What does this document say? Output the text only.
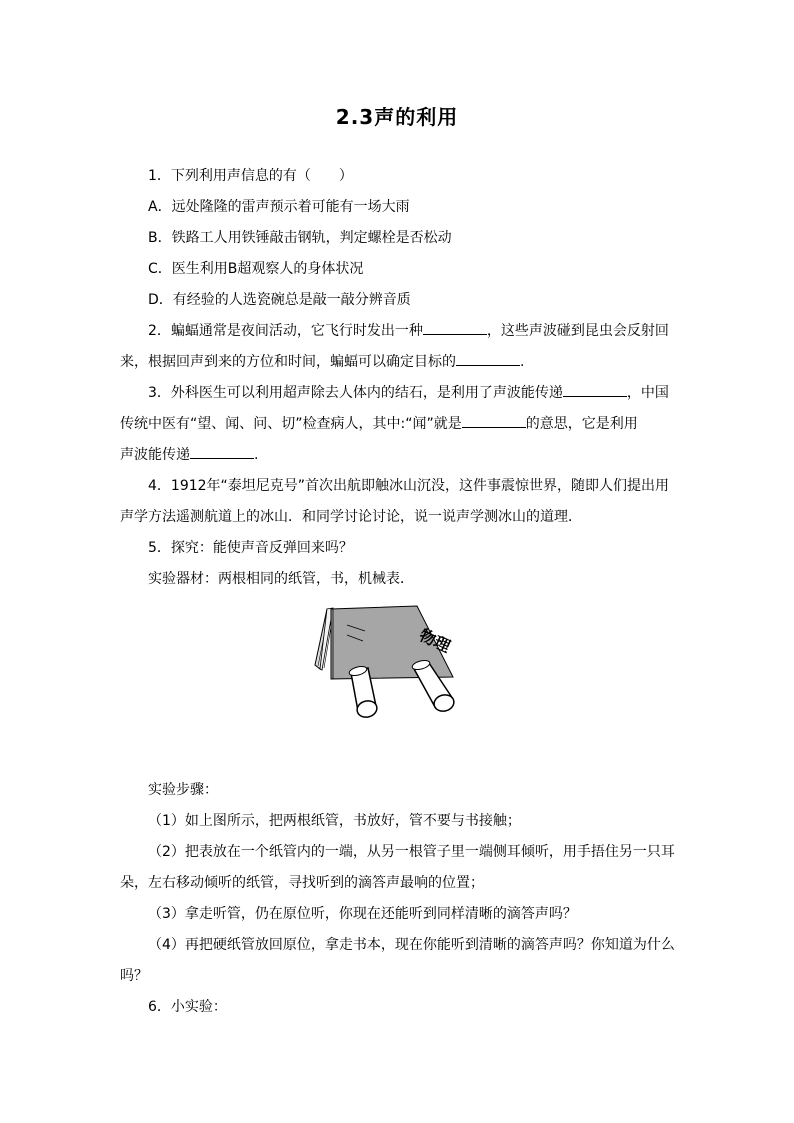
2.3声的利用
1．下列利用声信息的有（　　）
A．远处隆隆的雷声预示着可能有一场大雨
B．铁路工人用铁锤敲击钢轨，判定螺栓是否松动
C．医生利用B超观察人的身体状况
D．有经验的人选瓷碗总是敲一敲分辨音质
2．蝙蝠通常是夜间活动，它飞行时发出一种	，这些声波碰到昆虫会反射回
来，根据回声到来的方位和时间，蝙蝠可以确定目标的	.
3．外科医生可以利用超声除去人体内的结石，是利用了声波能传递	，中国
传统中医有“望、闻、问、切”检查病人，其中:“闻”就是	的意思，它是利用
声波能传递	.
4．1912年“泰坦尼克号”首次出航即触冰山沉没，这件事震惊世界，随即人们提出用
声学方法遥测航道上的冰山．和同学讨论讨论，说一说声学测冰山的道理．
5．探究：能使声音反弹回来吗？
实验器材：两根相同的纸管，书，机械表．
物理
实验步骤：
（1）如上图所示，把两根纸管，书放好，管不要与书接触；
（2）把表放在一个纸管内的一端，从另一根管子里一端侧耳倾听，用手捂住另一只耳
朵，左右移动倾听的纸管，寻找听到的滴答声最响的位置；
（3）拿走听管，仍在原位听，你现在还能听到同样清晰的滴答声吗？
（4）再把硬纸管放回原位，拿走书本，现在你能听到清晰的滴答声吗？你知道为什么
吗？
6．小实验：
